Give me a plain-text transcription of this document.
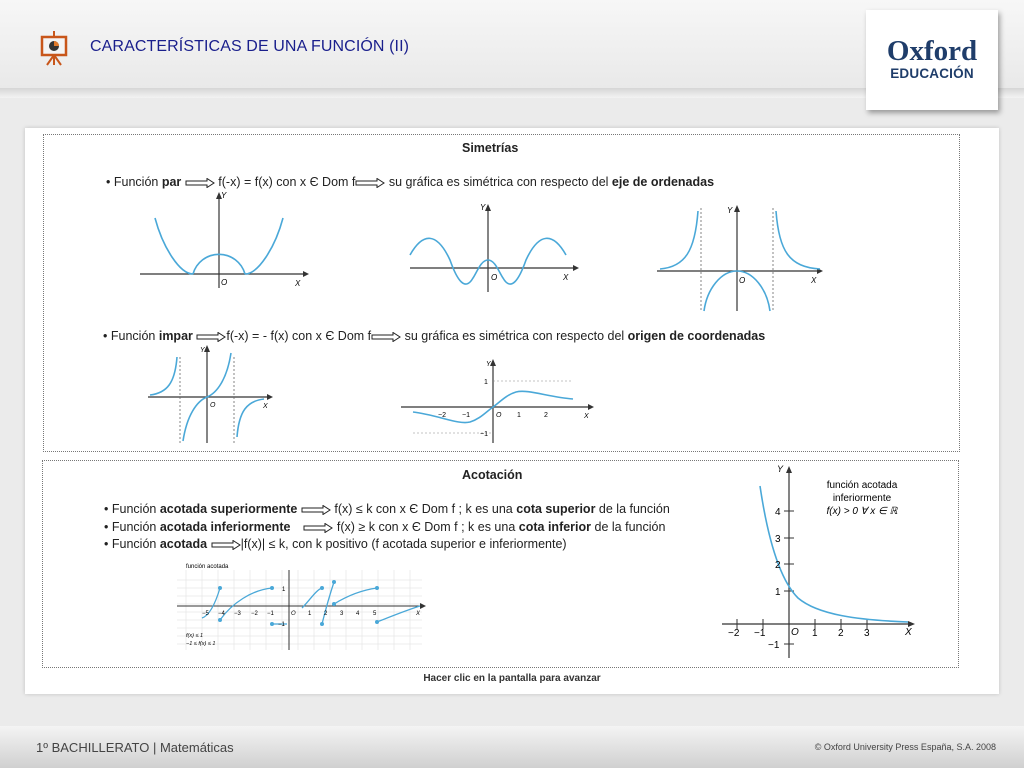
CARACTERÍSTICAS DE UNA FUNCIÓN (II)	Oxford
EDUCACIÓN
Simetrías
• Función par	f(-x) = f(x) con x Є Dom f	su gráfica es simétrica con respecto del eje de ordenadas
Y
X
O
Y
X
O
Y
X
O
• Función impar	f(-x) = - f(x) con x Є Dom f	su gráfica es simétrica con respecto del origen de coordenadas
Y
X
O
Y
X
O
−2 −1	1	2
1
−1
Acotación
• Función acotada superiormente	f(x) ≤ k con x Є Dom f ; k es una cota superior de la función
• Función acotada inferiormente	f(x) ≥ k con x Є Dom f ; k es una cota inferior de la función
• Función acotada	|f(x)| ≤ k, con k positivo (f acotada superior e inferiormente)
función acotada
−5 −4 −3 −2 −1	1 2 3 4 5
O
1
−1
X
f(x) ≤ 1
−1 ≤ f(x) ≤ 1
Y
X
O
4
3
2
1
−1
−2 −1	1 2 3
función acotada
inferiormente
f(x) > 0 ∀ x ∈ ℝ
Hacer clic en la pantalla para avanzar
1º BACHILLERATO | Matemáticas	© Oxford University Press España, S.A. 2008
